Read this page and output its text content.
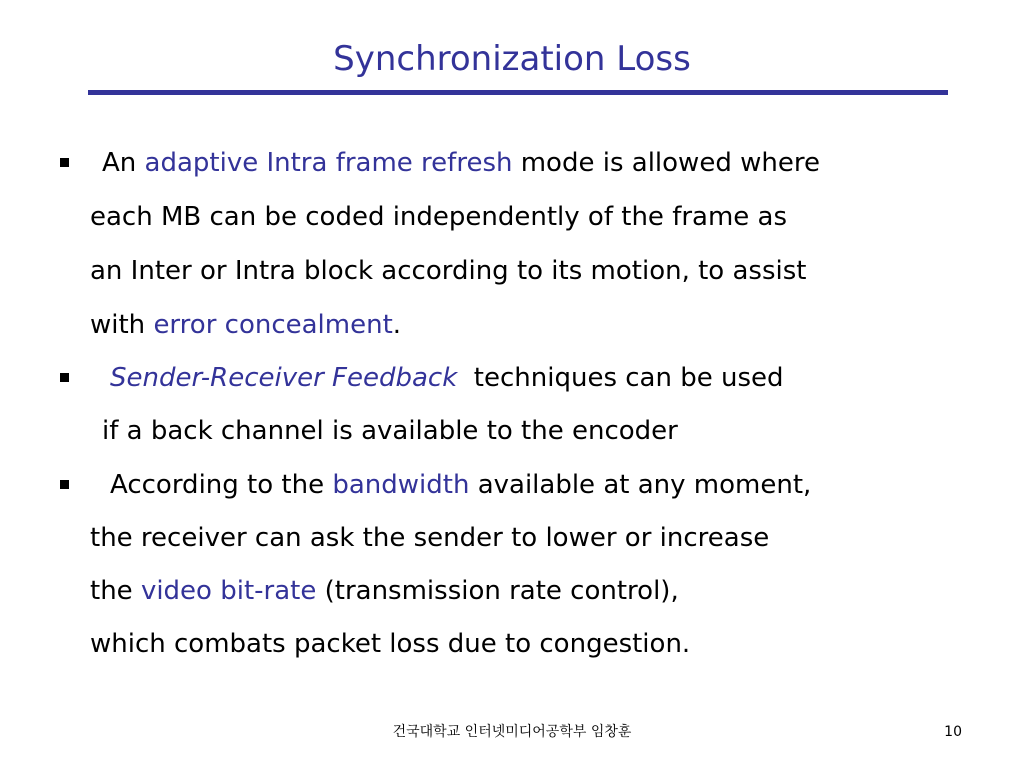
Synchronization Loss
An adaptive Intra frame refresh mode is allowed where
each MB can be coded independently of the frame as
an Inter or Intra block according to its motion, to assist
with error concealment.
Sender-Receiver Feedback  techniques can be used
if a back channel is available to the encoder
According to the bandwidth available at any moment,
the receiver can ask the sender to lower or increase
the video bit-rate (transmission rate control),
which combats packet loss due to congestion.
건국대학교 인터넷미디어공학부 임창훈	10
